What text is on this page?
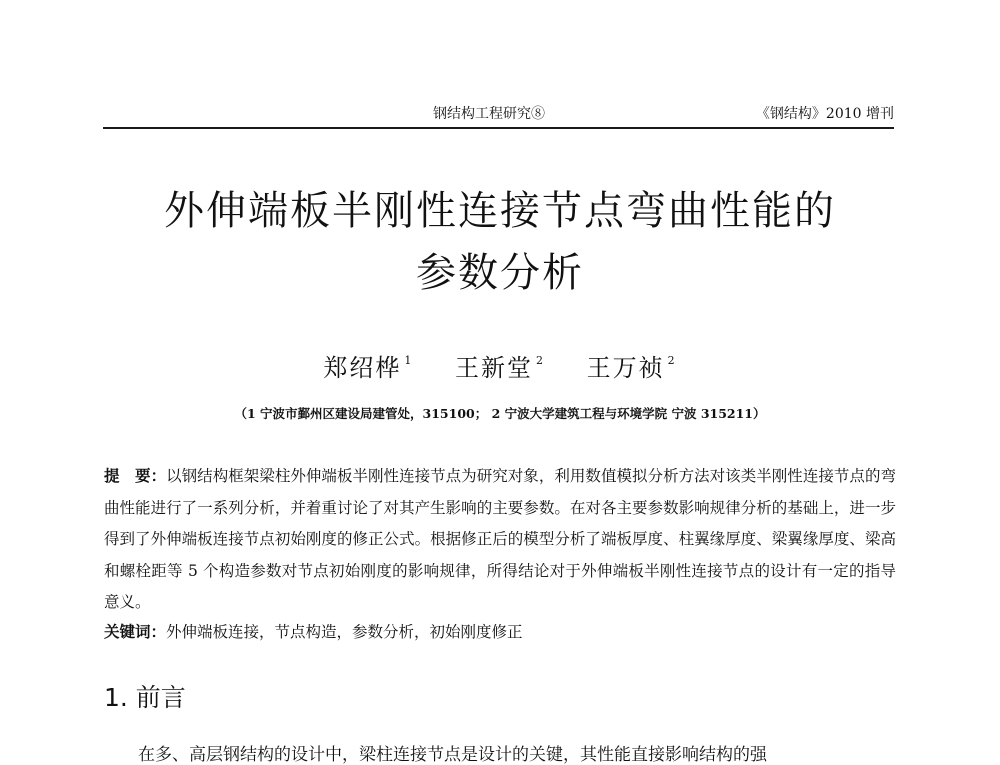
钢结构工程研究⑧	《钢结构》2010 增刊
外伸端板半刚性连接节点弯曲性能的
参数分析
郑绍桦 $^1$ 王新堂 $^2$ 王万祯 $^2$
（1 宁波市鄞州区建设局建管处，315100； 2 宁波大学建筑工程与环境学院 宁波 315211）
提　要：以钢结构框架梁柱外伸端板半刚性连接节点为研究对象，利用数值模拟分析方法对该类半刚性连接节点的弯曲性能进行了一系列分析，并着重讨论了对其产生影响的主要参数。在对各主要参数影响规律分析的基础上，进一步得到了外伸端板连接节点初始刚度的修正公式。根据修正后的模型分析了端板厚度、柱翼缘厚度、梁翼缘厚度、梁高和螺栓距等 5 个构造参数对节点初始刚度的影响规律，所得结论对于外伸端板半刚性连接节点的设计有一定的指导意义。
关键词：外伸端板连接，节点构造，参数分析，初始刚度修正
1. 前言
在多、高层钢结构的设计中，梁柱连接节点是设计的关键，其性能直接影响结构的强
